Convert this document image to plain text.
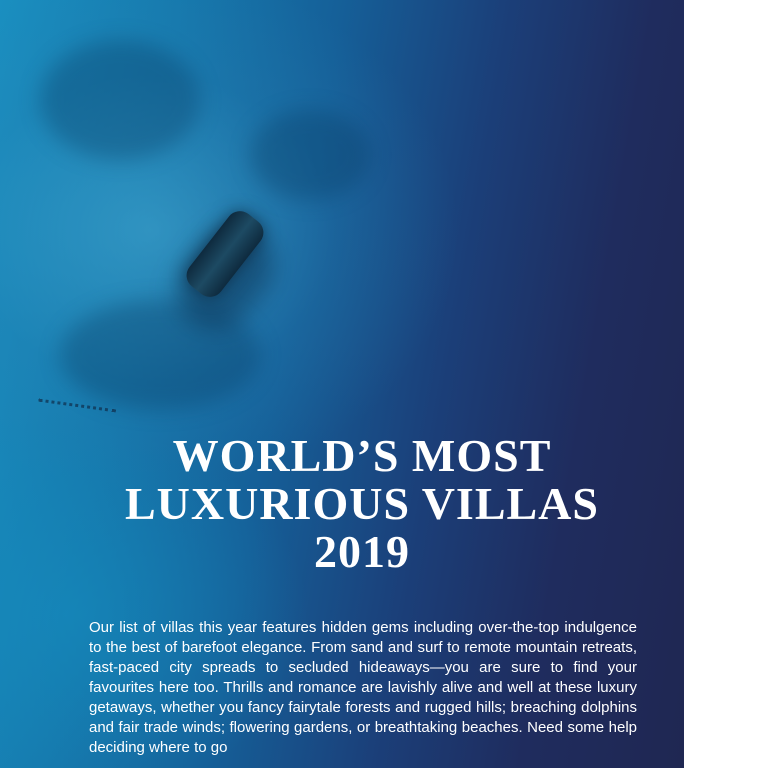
WORLD’S MOST
LUXURIOUS VILLAS
2019

Our list of villas this year features hidden gems including over-the-top indulgence to the best of barefoot elegance. From sand and surf to remote mountain retreats, fast-paced city spreads to secluded hideaways—you are sure to find your favourites here too. Thrills and romance are lavishly alive and well at these luxury getaways, whether you fancy fairytale forests and rugged hills; breaching dolphins and fair trade winds; flowering gardens, or breathtaking beaches. Need some help deciding where to go
